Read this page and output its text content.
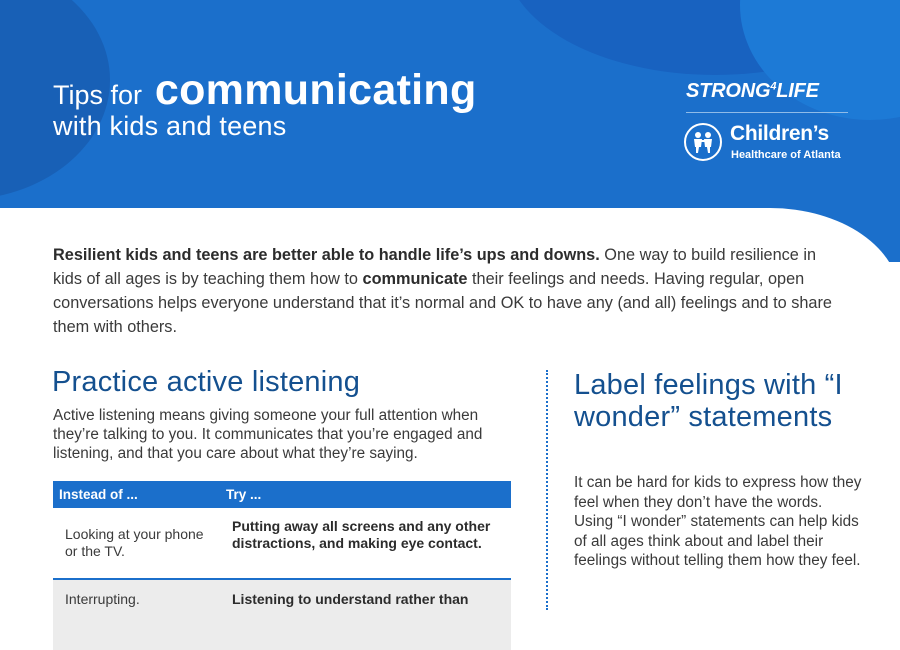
Tips for communicating
with kids and teens
STRONG$^4$LIFE
Children’s
Healthcare of Atlanta

Resilient kids and teens are better able to handle life’s ups and downs. One way to build resilience in kids of all ages is by teaching them how to communicate their feelings and needs. Having regular, open conversations helps everyone understand that it’s normal and OK to have any (and all) feelings and to share them with others.

Practice active listening

Active listening means giving someone your full attention when they’re talking to you. It communicates that you’re engaged and listening, and that you care about what they’re saying.

Instead of ...	Try ...
Looking at your phone or the TV.
Putting away all screens and any other distractions, and making eye contact.
Interrupting.	Listening to understand rather than
Label feelings with “I wonder” statements

It can be hard for kids to express how they feel when they don’t have the words. Using “I wonder” statements can help kids of all ages think about and label their feelings without telling them how they feel.
